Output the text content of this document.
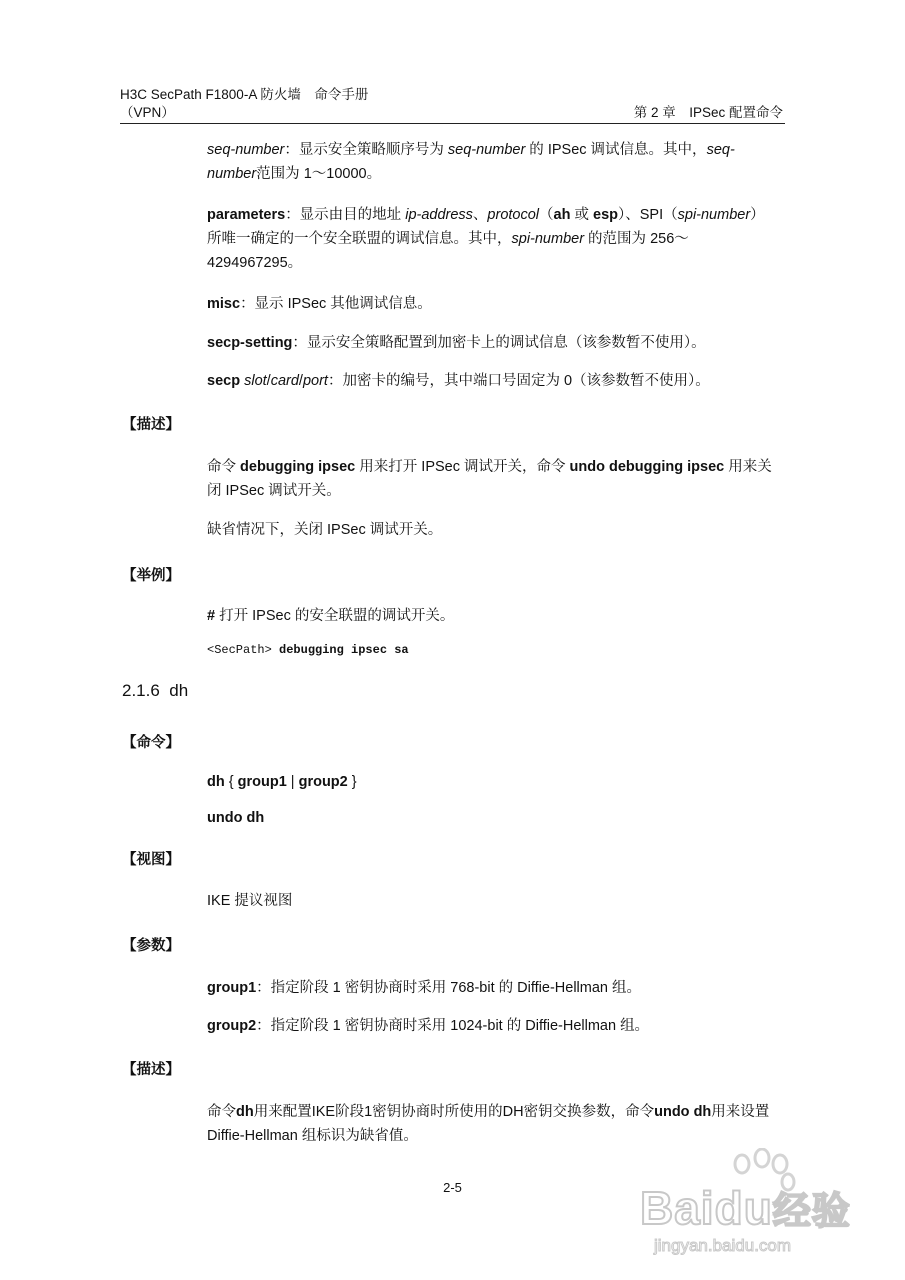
H3C SecPath F1800-A 防火墙　命令手册
（VPN）	第 2 章　IPSec 配置命令
seq-number：显示安全策略顺序号为 seq-number 的 IPSec 调试信息。其中，seq-number范围为 1～10000。
parameters：显示由目的地址 ip-address、protocol（ah 或 esp）、SPI（spi-number）所唯一确定的一个安全联盟的调试信息。其中，spi-number 的范围为 256～4294967295。
misc：显示 IPSec 其他调试信息。
secp-setting：显示安全策略配置到加密卡上的调试信息（该参数暂不使用）。
secp slot/card/port：加密卡的编号，其中端口号固定为 0（该参数暂不使用）。
【描述】
命令 debugging ipsec 用来打开 IPSec 调试开关，命令 undo debugging ipsec 用来关闭 IPSec 调试开关。
缺省情况下，关闭 IPSec 调试开关。
【举例】
# 打开 IPSec 的安全联盟的调试开关。
<SecPath> debugging ipsec sa
2.1.6 dh
【命令】
dh { group1 | group2 }
undo dh
【视图】
IKE 提议视图
【参数】
group1：指定阶段 1 密钥协商时采用 768-bit 的 Diffie-Hellman 组。
group2：指定阶段 1 密钥协商时采用 1024-bit 的 Diffie-Hellman 组。
【描述】
命令dh用来配置IKE阶段1密钥协商时所使用的DH密钥交换参数，命令undo dh用来设置 Diffie-Hellman 组标识为缺省值。
2-5	Baidu经验
jingyan.baidu.com
